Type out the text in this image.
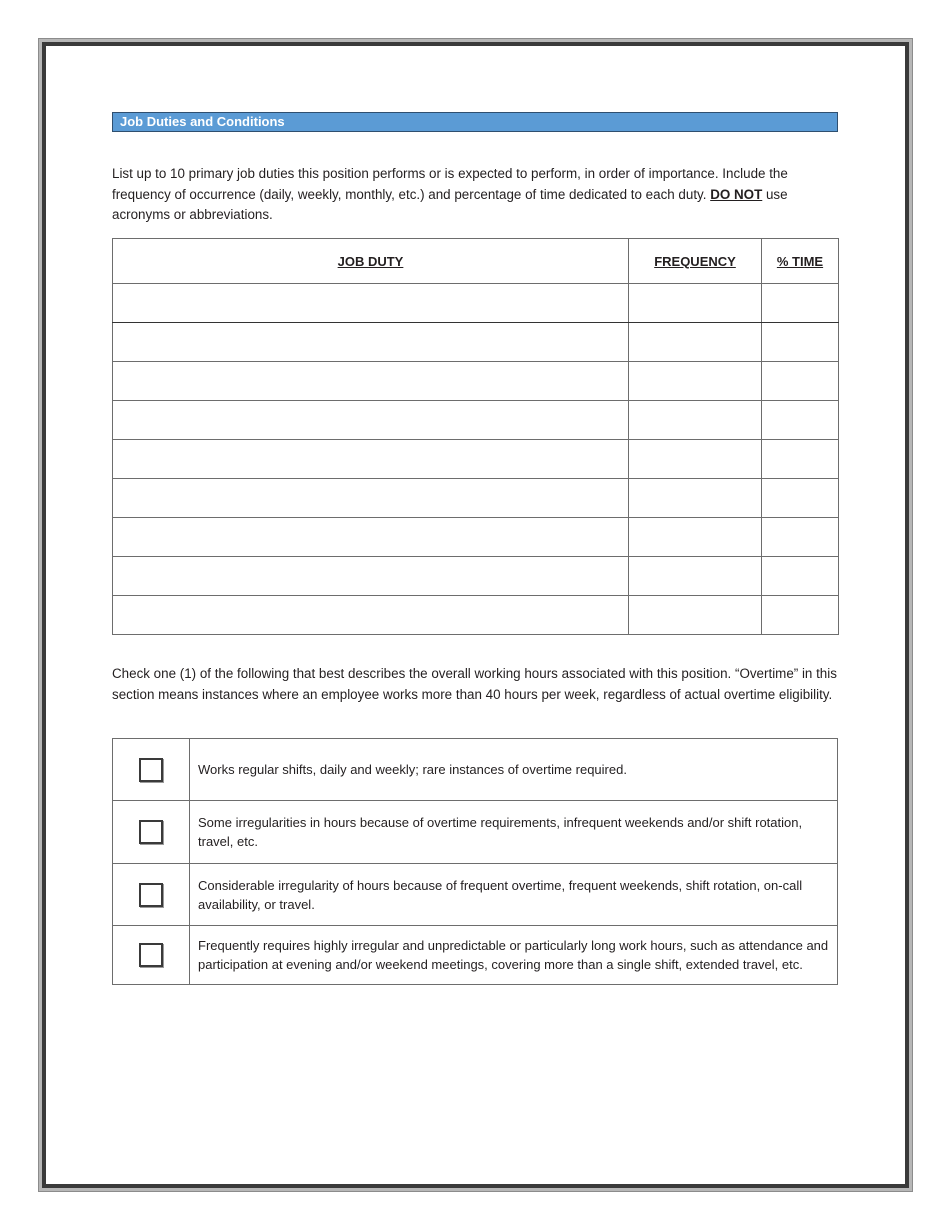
Job Duties and Conditions

List up to 10 primary job duties this position performs or is expected to perform, in order of importance. Include the frequency of occurrence (daily, weekly, monthly, etc.) and percentage of time dedicated to each duty. DO NOT use acronyms or abbreviations.

JOB DUTY	FREQUENCY	% TIME

Check one (1) of the following that best describes the overall working hours associated with this position. “Overtime” in this section means instances where an employee works more than 40 hours per week, regardless of actual overtime eligibility.

	Works regular shifts, daily and weekly; rare instances of overtime required.
	Some irregularities in hours because of overtime requirements, infrequent weekends and/or shift rotation, travel, etc.
	Considerable irregularity of hours because of frequent overtime, frequent weekends, shift rotation, on-call availability, or travel.
	Frequently requires highly irregular and unpredictable or particularly long work hours, such as attendance and participation at evening and/or weekend meetings, covering more than a single shift, extended travel, etc.
